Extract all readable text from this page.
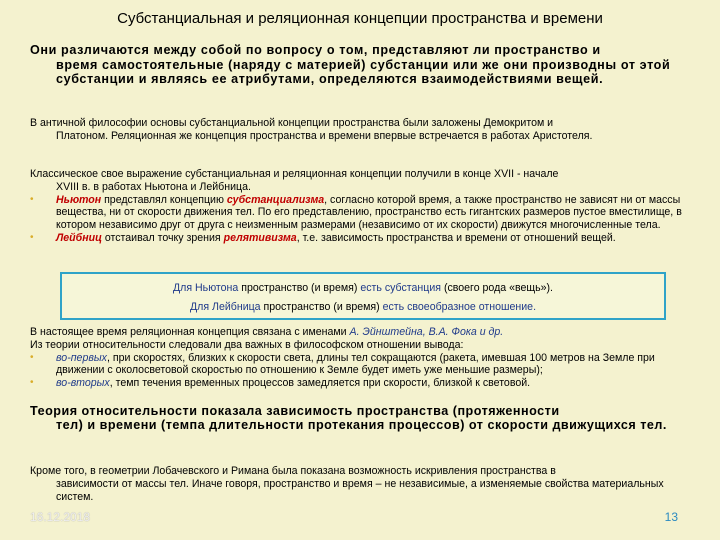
Субстанциальная и реляционная концепции пространства и времени
Они различаются между собой по вопросу о том, представляют ли пространство и
время самостоятельные (наряду с материей) субстанции или же они производны от этой субстанции и являясь ее атрибутами, определяются взаимодействиями вещей.
В античной философии основы субстанциальной концепции пространства были заложены Демокритом и
Платоном. Реляционная же концепция пространства и времени впервые встречается в работах Аристотеля.
Классическое свое выражение субстанциальная и реляционная концепции получили в конце XVII - начале
XVIII в. в работах Ньютона и Лейбница.
• Ньютон представлял концепцию субстанциализма, согласно которой время, а также пространство не зависят ни от массы вещества, ни от скорости движения тел. По его представлению, пространство есть гигантских размеров пустое вместилище, в котором независимо друг от друга с неизменным размерами (независимо от их скорости) движутся многочисленные тела.
• Лейбниц отстаивал точку зрения релятивизма, т.е. зависимость пространства и времени от отношений вещей.
Для Ньютона пространство (и время) есть субстанция (своего рода «вещь»).
Для Лейбница пространство (и время) есть своеобразное отношение.
В настоящее время реляционная концепция связана с именами А. Эйнштейна, В.А. Фока и др.
Из теории относительности следовали два важных в философском отношении вывода:
• во-первых, при скоростях, близких к скорости света, длины тел сокращаются (ракета, имевшая 100 метров на Земле при движении с околосветовой скоростью по отношению к Земле будет иметь уже меньшие размеры);
• во-вторых, темп течения временных процессов замедляется при скорости, близкой к световой.
Теория относительности показала зависимость пространства (протяженности
тел) и времени (темпа длительности протекания процессов) от скорости движущихся тел.
Кроме того, в геометрии Лобачевского и Римана была показана возможность искривления пространства в
зависимости от массы тел. Иначе говоря, пространство и время – не независимые, а изменяемые свойства материальных систем.
16.12.2018	13
